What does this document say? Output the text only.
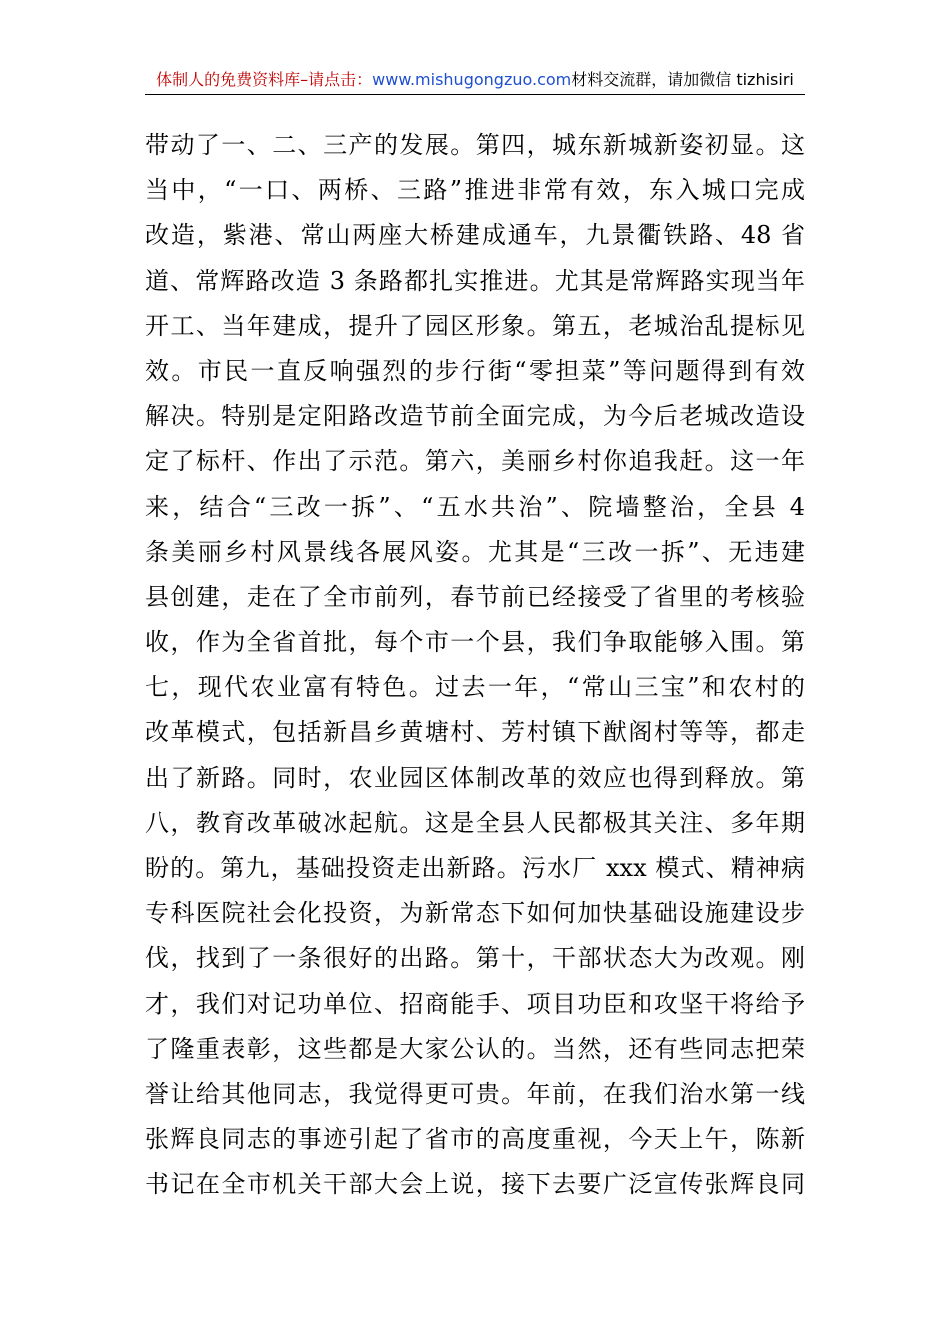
体制人的免费资料库–请点击：www.mishugongzuo.com材料交流群，请加微信 tizhisiri
带动了一、二、三产的发展。第四，城东新城新姿初显。这
当中，“一口、两桥、三路”推进非常有效，东入城口完成
改造，紫港、常山两座大桥建成通车，九景衢铁路、48 省
道、常辉路改造 3 条路都扎实推进。尤其是常辉路实现当年
开工、当年建成，提升了园区形象。第五，老城治乱提标见
效。市民一直反响强烈的步行街“零担菜”等问题得到有效
解决。特别是定阳路改造节前全面完成，为今后老城改造设
定了标杆、作出了示范。第六，美丽乡村你追我赶。这一年
来，结合“三改一拆”、“五水共治”、院墙整治，全县 4
条美丽乡村风景线各展风姿。尤其是“三改一拆”、无违建
县创建，走在了全市前列，春节前已经接受了省里的考核验
收，作为全省首批，每个市一个县，我们争取能够入围。第
七，现代农业富有特色。过去一年，“常山三宝”和农村的
改革模式，包括新昌乡黄塘村、芳村镇下猷阁村等等，都走
出了新路。同时，农业园区体制改革的效应也得到释放。第
八，教育改革破冰起航。这是全县人民都极其关注、多年期
盼的。第九，基础投资走出新路。污水厂 xxx 模式、精神病
专科医院社会化投资，为新常态下如何加快基础设施建设步
伐，找到了一条很好的出路。第十，干部状态大为改观。刚
才，我们对记功单位、招商能手、项目功臣和攻坚干将给予
了隆重表彰，这些都是大家公认的。当然，还有些同志把荣
誉让给其他同志，我觉得更可贵。年前，在我们治水第一线
张辉良同志的事迹引起了省市的高度重视，今天上午，陈新
书记在全市机关干部大会上说，接下去要广泛宣传张辉良同
